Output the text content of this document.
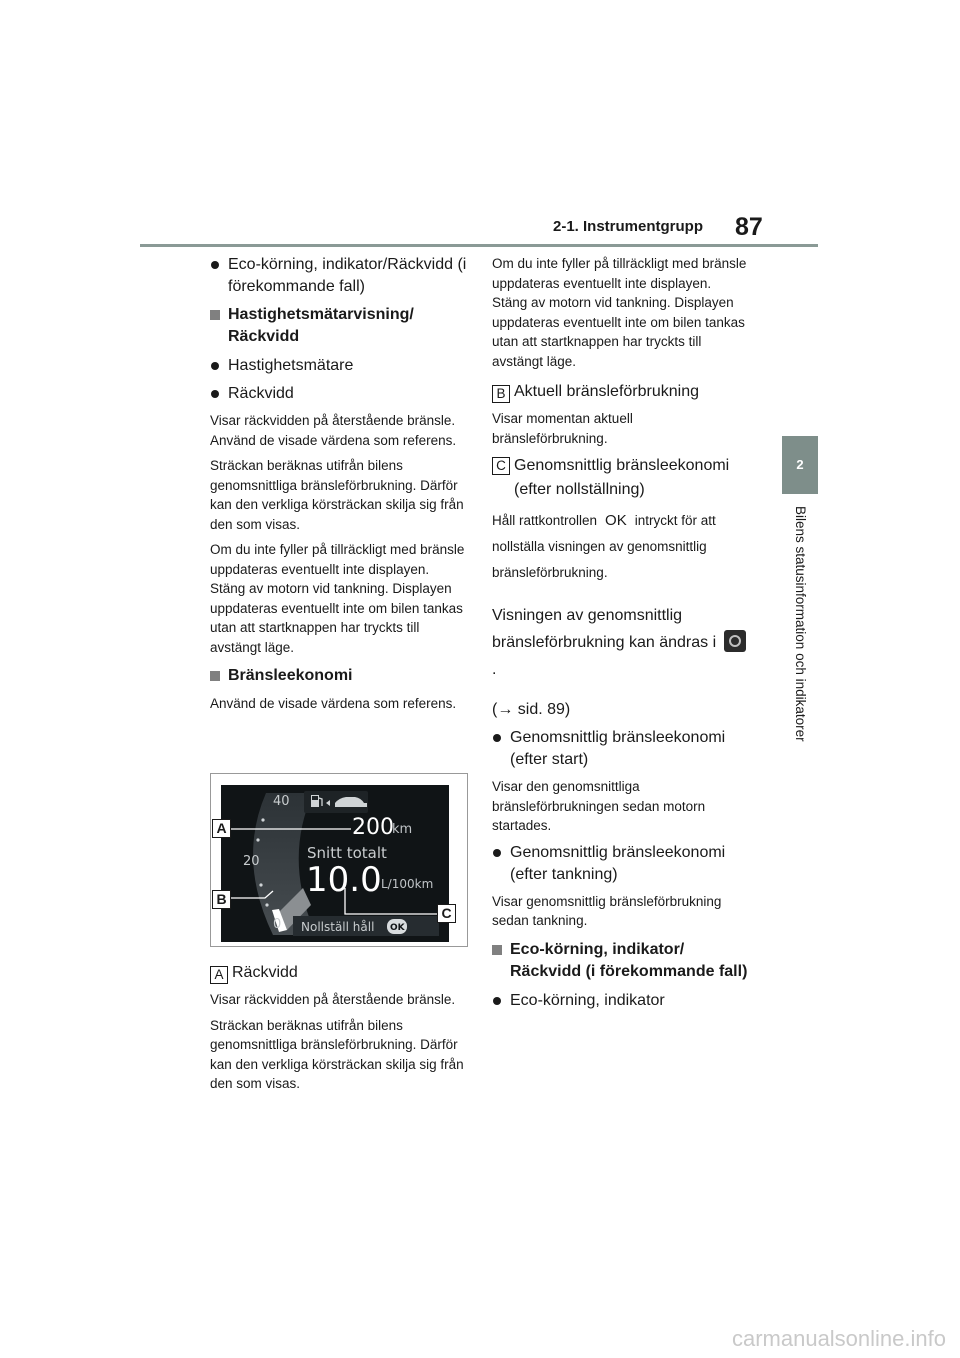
2-1. Instrumentgrupp 87
2
Bilens statusinformation och indikatorer
Eco-körning, indikator/Räckvidd (i förekommande fall)
Hastighetsmätarvisning/ Räckvidd
Hastighetsmätare
Räckvidd

Visar räckvidden på återstående bränsle. Använd de visade värdena som referens.

Sträckan beräknas utifrån bilens genomsnittliga bränsleförbrukning. Därför kan den verkliga körsträckan skilja sig från den som visas.

Om du inte fyller på tillräckligt med bränsle uppdateras eventuellt inte displayen.

Stäng av motorn vid tankning. Displayen uppdateras eventuellt inte om bilen tankas utan att startknappen har tryckts till avstängt läge.

Bränsleekonomi

Använd de visade värdena som referens.

40
20
0
200
km
Snitt totalt
10.0 L/100km
Nollställ håll OK
A
B
C
A Räckvidd

Visar räckvidden på återstående bränsle.

Sträckan beräknas utifrån bilens genomsnittliga bränsleförbrukning. Därför kan den verkliga körsträckan skilja sig från den som visas.

Om du inte fyller på tillräckligt med bränsle uppdateras eventuellt inte displayen.

Stäng av motorn vid tankning. Displayen uppdateras eventuellt inte om bilen tankas utan att startknappen har tryckts till avstängt läge.

B Aktuell bränsleförbrukning

Visar momentan aktuell bränsleförbrukning.

C Genomsnittlig bränsleekonomi (efter nollställning)

Håll rattkontrollen OK intryckt för att nollställa visningen av genomsnittlig bränsleförbrukning.

Visningen av genomsnittlig bränsleförbrukning kan ändras i .

(→ sid. 89)

Genomsnittlig bränsleekonomi (efter start)

Visar den genomsnittliga bränsleförbrukningen sedan motorn startades.

Genomsnittlig bränsleekonomi (efter tankning)

Visar genomsnittlig bränsleförbrukning sedan tankning.

Eco-körning, indikator/ Räckvidd (i förekommande fall)
Eco-körning, indikator
carmanualsonline.info
